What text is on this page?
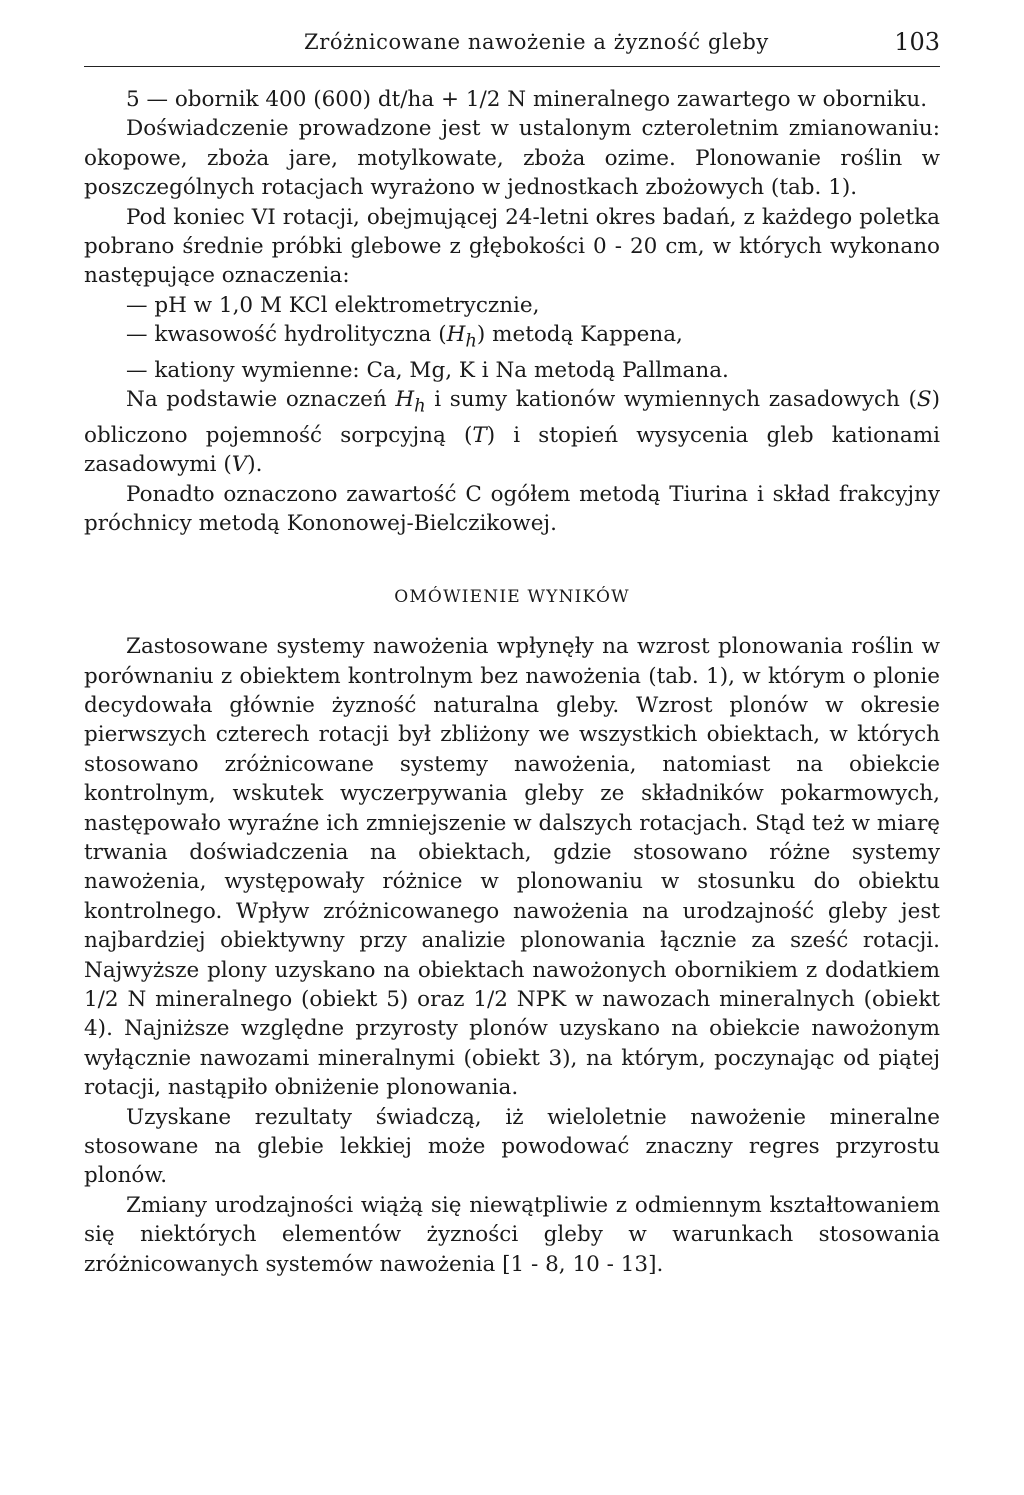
Zróżnicowane nawożenie a żyzność gleby	103

5 — obornik 400 (600) dt/ha + 1/2 N mineralnego zawartego w oborniku.

Doświadczenie prowadzone jest w ustalonym czteroletnim zmianowaniu: okopowe, zboża jare, motylkowate, zboża ozime. Plonowanie roślin w poszczególnych rotacjach wyrażono w jednostkach zbożowych (tab. 1).

Pod koniec VI rotacji, obejmującej 24-letni okres badań, z każdego poletka pobrano średnie próbki glebowe z głębokości 0 - 20 cm, w których wykonano następujące oznaczenia:

— pH w 1,0 M KCl elektrometrycznie,

— kwasowość hydrolityczna $(H_h)$ metodą Kappena,

— kationy wymienne: Ca, Mg, K i Na metodą Pallmana.

Na podstawie oznaczeń $H_h$ i sumy kationów wymiennych zasadowych (S) obliczono pojemność sorpcyjną (T) i stopień wysycenia gleb kationami zasadowymi (V).

Ponadto oznaczono zawartość C ogółem metodą Tiurina i skład frakcyjny próchnicy metodą Kononowej-Bielczikowej.

OMÓWIENIE WYNIKÓW

Zastosowane systemy nawożenia wpłynęły na wzrost plonowania roślin w porównaniu z obiektem kontrolnym bez nawożenia (tab. 1), w którym o plonie decydowała głównie żyzność naturalna gleby. Wzrost plonów w okresie pierwszych czterech rotacji był zbliżony we wszystkich obiektach, w których stosowano zróżnicowane systemy nawożenia, natomiast na obiekcie kontrolnym, wskutek wyczerpywania gleby ze składników pokarmowych, następowało wyraźne ich zmniejszenie w dalszych rotacjach. Stąd też w miarę trwania doświadczenia na obiektach, gdzie stosowano różne systemy nawożenia, występowały różnice w plonowaniu w stosunku do obiektu kontrolnego. Wpływ zróżnicowanego nawożenia na urodzajność gleby jest najbardziej obiektywny przy analizie plonowania łącznie za sześć rotacji. Najwyższe plony uzyskano na obiektach nawożonych obornikiem z dodatkiem 1/2 N mineralnego (obiekt 5) oraz 1/2 NPK w nawozach mineralnych (obiekt 4). Najniższe względne przyrosty plonów uzyskano na obiekcie nawożonym wyłącznie nawozami mineralnymi (obiekt 3), na którym, poczynając od piątej rotacji, nastąpiło obniżenie plonowania.

Uzyskane rezultaty świadczą, iż wieloletnie nawożenie mineralne stosowane na glebie lekkiej może powodować znaczny regres przyrostu plonów.

Zmiany urodzajności wiążą się niewątpliwie z odmiennym kształtowaniem się niektórych elementów żyzności gleby w warunkach stosowania zróżnicowanych systemów nawożenia [1 - 8, 10 - 13].
